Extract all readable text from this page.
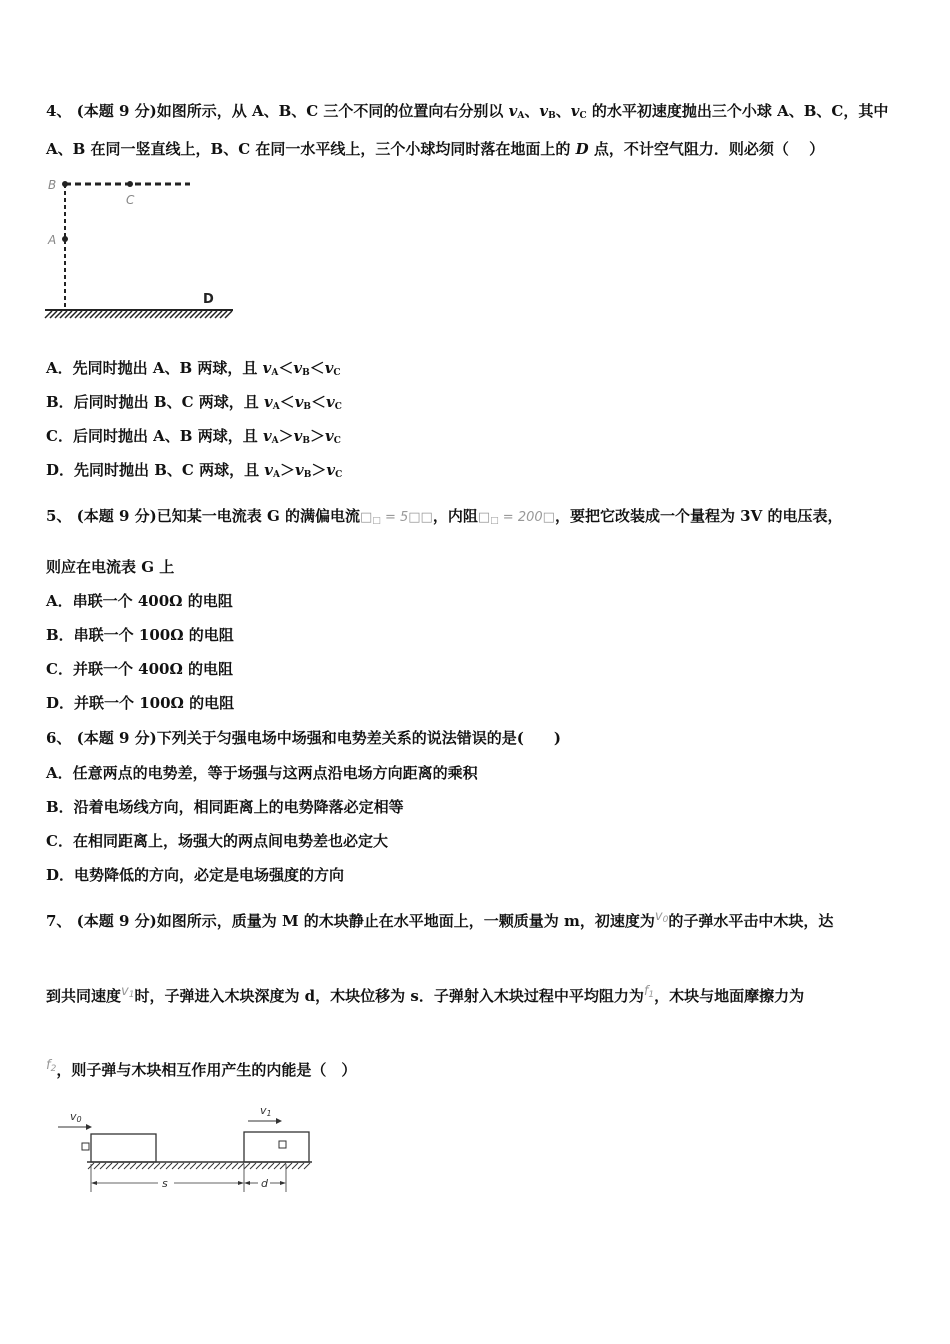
4、 (本题 9 分)如图所示，从 A、B、C 三个不同的位置向右分别以 $v_A$、$v_B$、$v_C$ 的水平初速度抛出三个小球 A、B、C，其中
A、B 在同一竖直线上，B、C 在同一水平线上，三个小球均同时落在地面上的 D 点，不计空气阻力．则必须（　 ）
B
C
A
D
A．先同时抛出 A、B 两球，且 $v_A<v_B<v_C$
B．后同时抛出 B、C 两球，且 $v_A<v_B<v_C$
C．后同时抛出 A、B 两球，且 $v_A>v_B>v_C$
D．先同时抛出 B、C 两球，且 $v_A>v_B>v_C$
5、 (本题 9 分)已知某一电流表 G 的满偏电流$□_□$ = 5□□，内阻$□_□$ = 200□，要把它改装成一个量程为 3V 的电压表，
则应在电流表 G 上
A．串联一个 400Ω 的电阻
B．串联一个 100Ω 的电阻
C．并联一个 400Ω 的电阻
D．并联一个 100Ω 的电阻
6、 (本题 9 分)下列关于匀强电场中场强和电势差关系的说法错误的是(　　)
A．任意两点的电势差，等于场强与这两点沿电场方向距离的乘积
B．沿着电场线方向，相同距离上的电势降落必定相等
C．在相同距离上，场强大的两点间电势差也必定大
D．电势降低的方向，必定是电场强度的方向
7、 (本题 9 分)如图所示，质量为 M 的木块静止在水平地面上，一颗质量为 m，初速度为$v_0$的子弹水平击中木块，达
到共同速度$v_1$时，子弹进入木块深度为 d，木块位移为 s．子弹射入木块过程中平均阻力为$f_1$，木块与地面摩擦力为
$f_2$，则子弹与木块相互作用产生的内能是（　）
v0
v1
s	d
